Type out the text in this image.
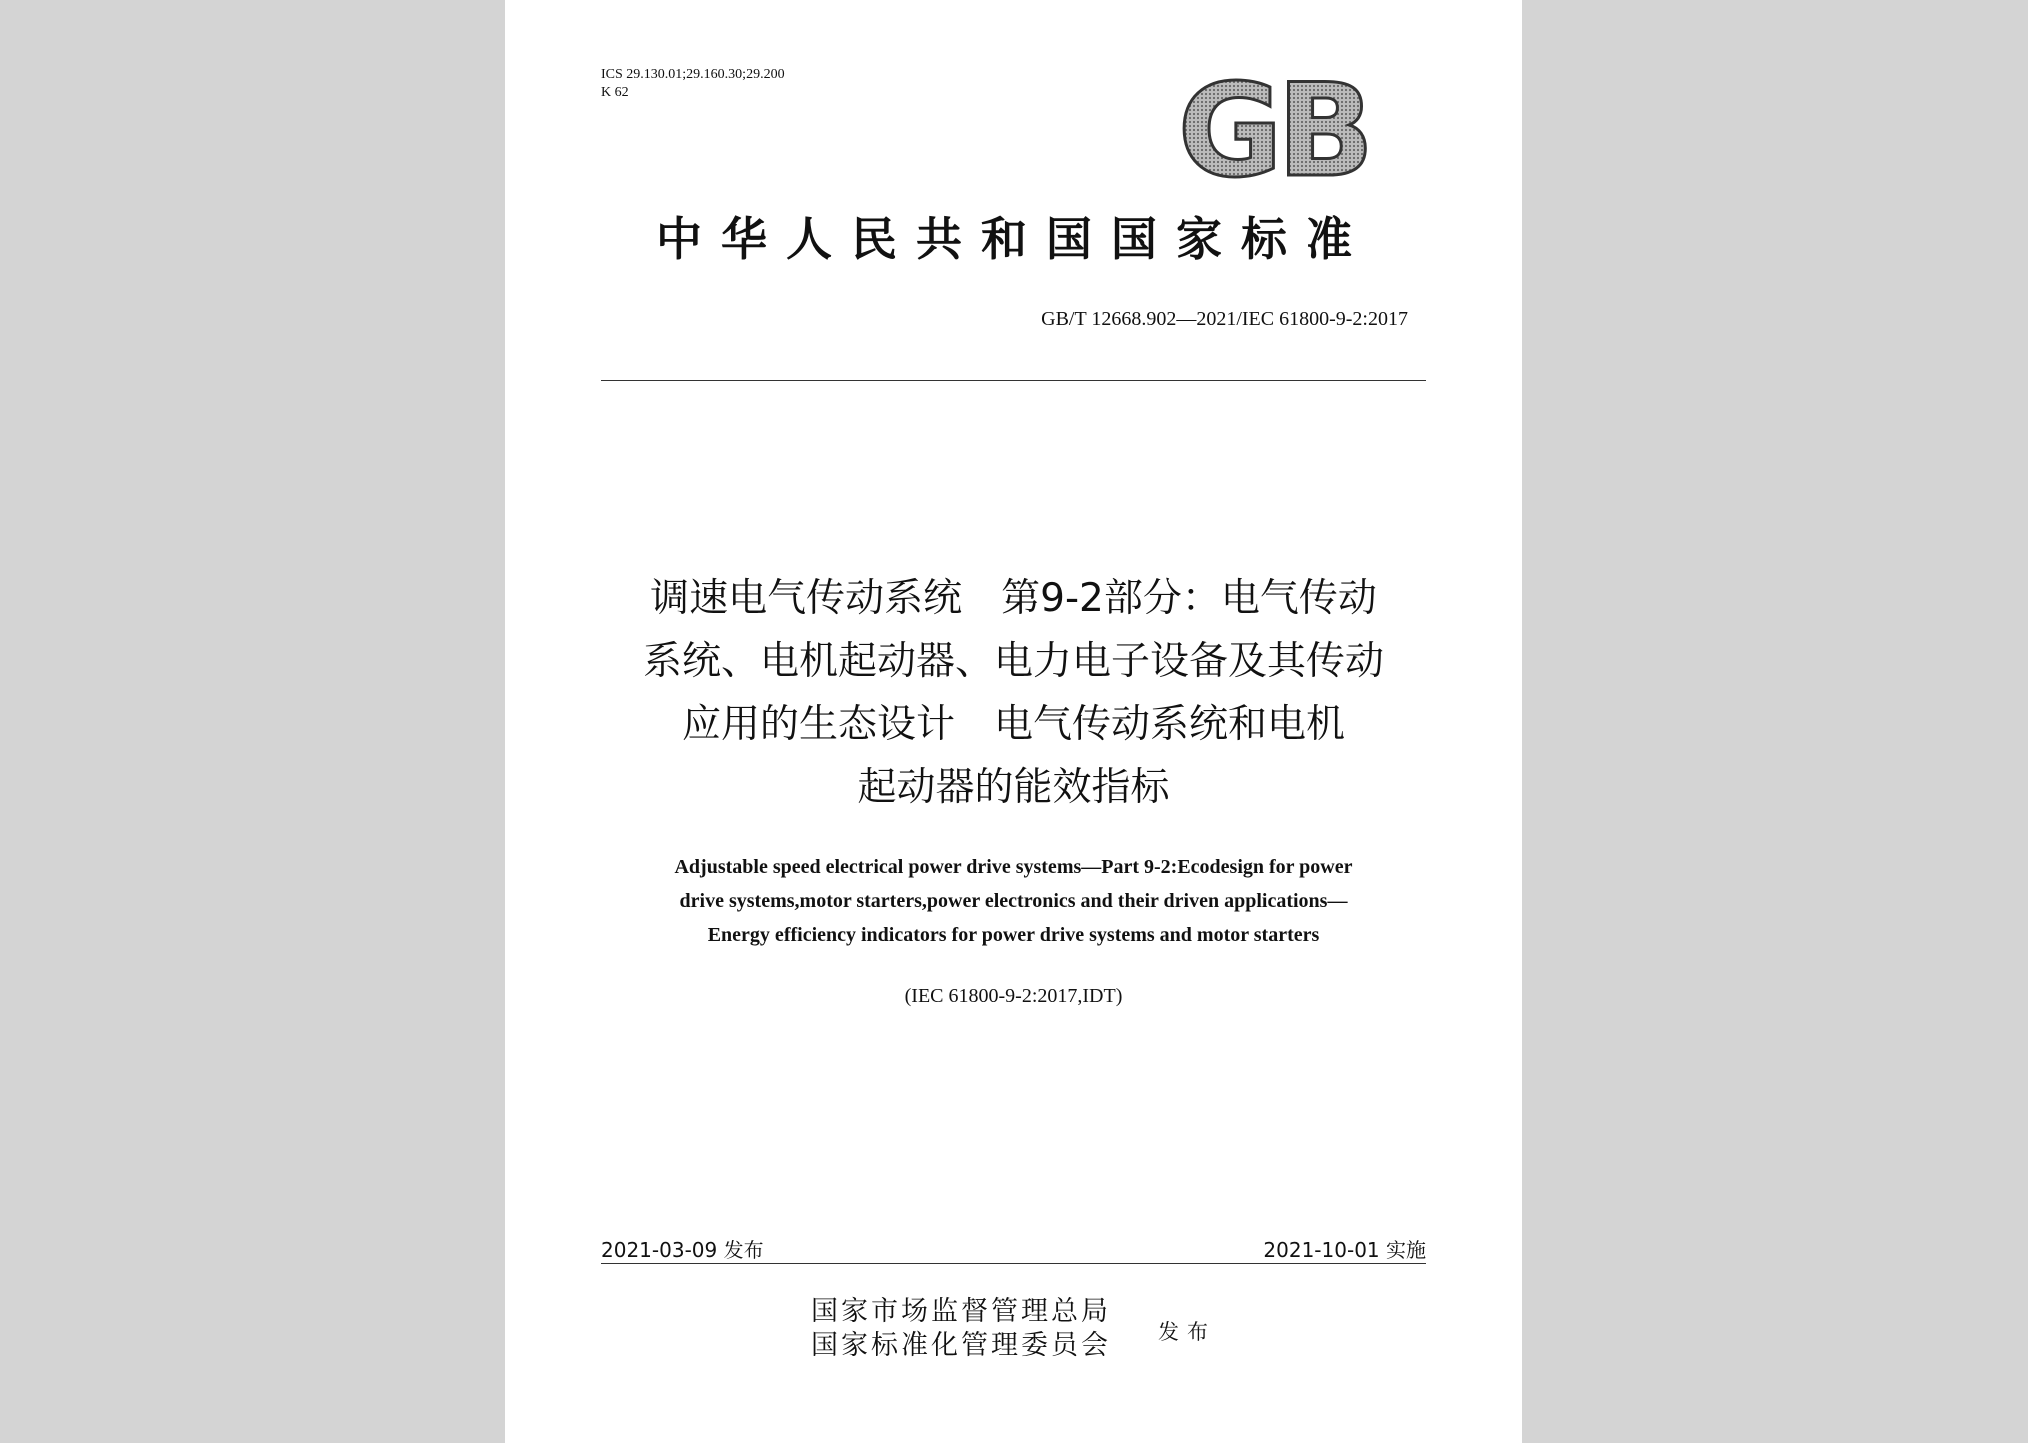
ICS 29.130.01;29.160.30;29.200
K 62	GB
中华人民共和国国家标准
GB/T 12668.902—2021/IEC 61800-9-2:2017
调速电气传动系统　第9-2部分：电气传动
系统、电机起动器、电力电子设备及其传动
应用的生态设计　电气传动系统和电机
起动器的能效指标
Adjustable speed electrical power drive systems—Part 9-2:Ecodesign for power
drive systems,motor starters,power electronics and their driven applications—
Energy efficiency indicators for power drive systems and motor starters
(IEC 61800-9-2:2017,IDT)
2021-03-09 发布	2021-10-01 实施
国家市场监督管理总局
国家标准化管理委员会 发布
